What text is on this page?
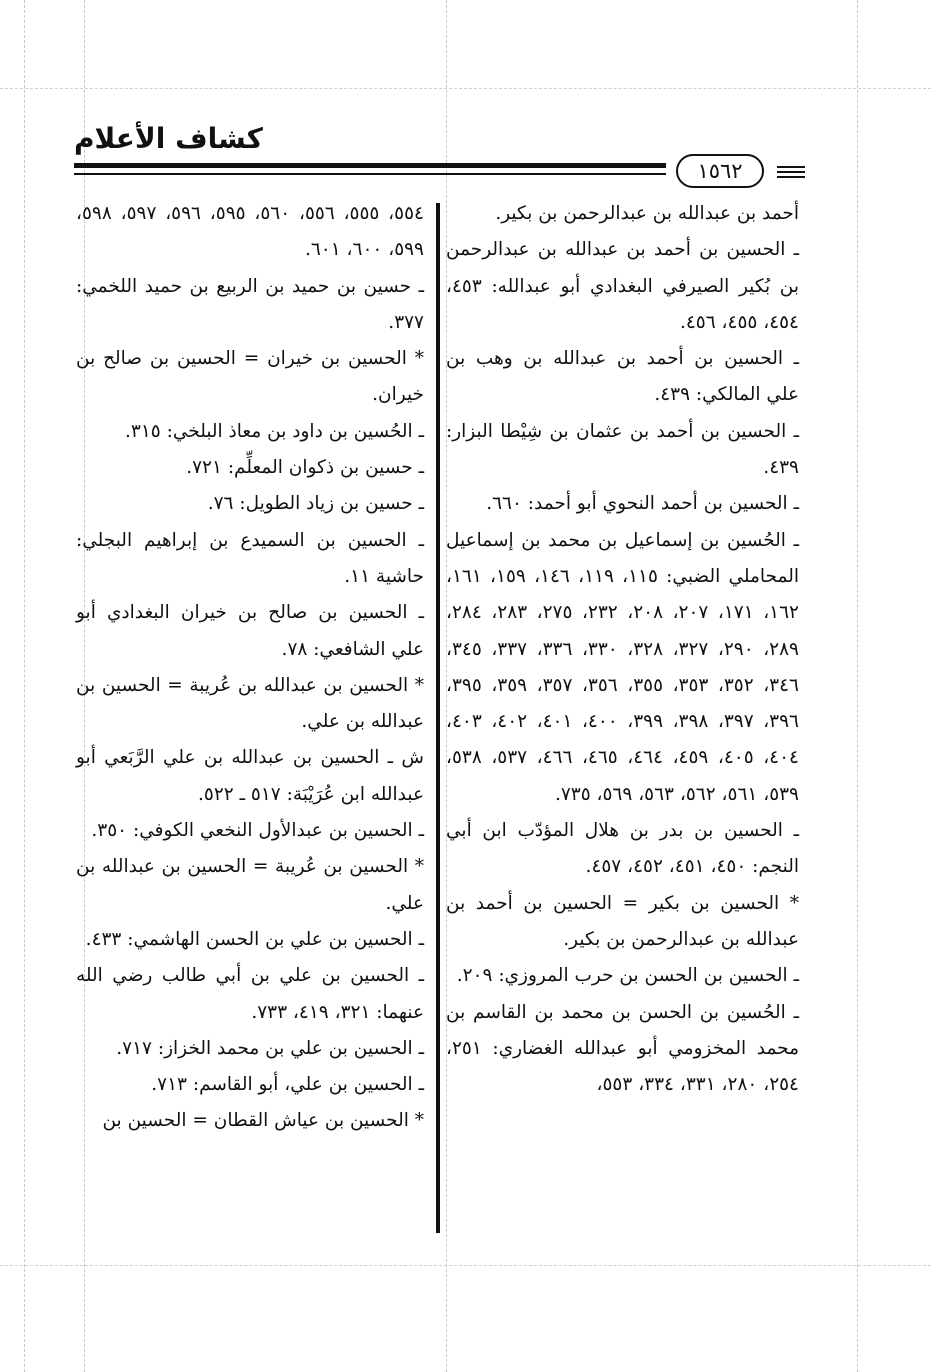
كشاف الأعلام
١٥٦٢

أحمد بن عبدالله بن عبدالرحمن بن بكير.

ـ الحسين بن أحمد بن عبدالله بن عبدالرحمن بن بُكير الصيرفي البغدادي أبو عبدالله: ٤٥٣، ٤٥٤، ٤٥٥، ٤٥٦.

ـ الحسين بن أحمد بن عبدالله بن وهب بن علي المالكي: ٤٣٩.

ـ الحسين بن أحمد بن عثمان بن شِيْطا البزار: ٤٣٩.

ـ الحسين بن أحمد النحوي أبو أحمد: ٦٦٠.

ـ الحُسين بن إسماعيل بن محمد بن إسماعيل المحاملي الضبي: ١١٥، ١١٩، ١٤٦، ١٥٩، ١٦١، ١٦٢، ١٧١، ٢٠٧، ٢٠٨، ٢٣٢، ٢٧٥، ٢٨٣، ٢٨٤، ٢٨٩، ٢٩٠، ٣٢٧، ٣٢٨، ٣٣٠، ٣٣٦، ٣٣٧، ٣٤٥، ٣٤٦، ٣٥٢، ٣٥٣، ٣٥٥، ٣٥٦، ٣٥٧، ٣٥٩، ٣٩٥، ٣٩٦، ٣٩٧، ٣٩٨، ٣٩٩، ٤٠٠، ٤٠١، ٤٠٢، ٤٠٣، ٤٠٤، ٤٠٥، ٤٥٩، ٤٦٤، ٤٦٥، ٤٦٦، ٥٣٧، ٥٣٨، ٥٣٩، ٥٦١، ٥٦٢، ٥٦٣، ٥٦٩، ٧٣٥.

ـ الحسين بن بدر بن هلال المؤدّب ابن أبي النجم: ٤٥٠، ٤٥١، ٤٥٢، ٤٥٧.

* الحسين بن بكير = الحسين بن أحمد بن عبدالله بن عبدالرحمن بن بكير.

ـ الحسين بن الحسن بن حرب المروزي: ٢٠٩.

ـ الحُسين بن الحسن بن محمد بن القاسم بن محمد المخزومي أبو عبدالله الغضاري: ٢٥١، ٢٥٤، ٢٨٠، ٣٣١، ٣٣٤، ٥٥٣،

٥٥٤، ٥٥٥، ٥٥٦، ٥٦٠، ٥٩٥، ٥٩٦، ٥٩٧، ٥٩٨، ٥٩٩، ٦٠٠، ٦٠١.

ـ حسين بن حميد بن الربيع بن حميد اللخمي: ٣٧٧.

* الحسين بن خيران = الحسين بن صالح بن خيران.

ـ الحُسين بن داود بن معاذ البلخي: ٣١٥.

ـ حسين بن ذكوان المعلِّم: ٧٢١.

ـ حسين بن زياد الطويل: ٧٦.

ـ الحسين بن السميدع بن إبراهيم البجلي: حاشية ١١.

ـ الحسين بن صالح بن خيران البغدادي أبو علي الشافعي: ٧٨.

* الحسين بن عبدالله بن عُريبة = الحسين بن عبدالله بن علي.

ش ـ الحسين بن عبدالله بن علي الرَّبَعي أبو عبدالله ابن عُرَيْبَة: ٥١٧ ـ ٥٢٢.

ـ الحسين بن عبدالأول النخعي الكوفي: ٣٥٠.

* الحسين بن عُريبة = الحسين بن عبدالله بن علي.

ـ الحسين بن علي بن الحسن الهاشمي: ٤٣٣.

ـ الحسين بن علي بن أبي طالب رضي الله عنهما: ٣٢١، ٤١٩، ٧٣٣.

ـ الحسين بن علي بن محمد الخزاز: ٧١٧.

ـ الحسين بن علي، أبو القاسم: ٧١٣.

* الحسين بن عياش القطان = الحسين بن
